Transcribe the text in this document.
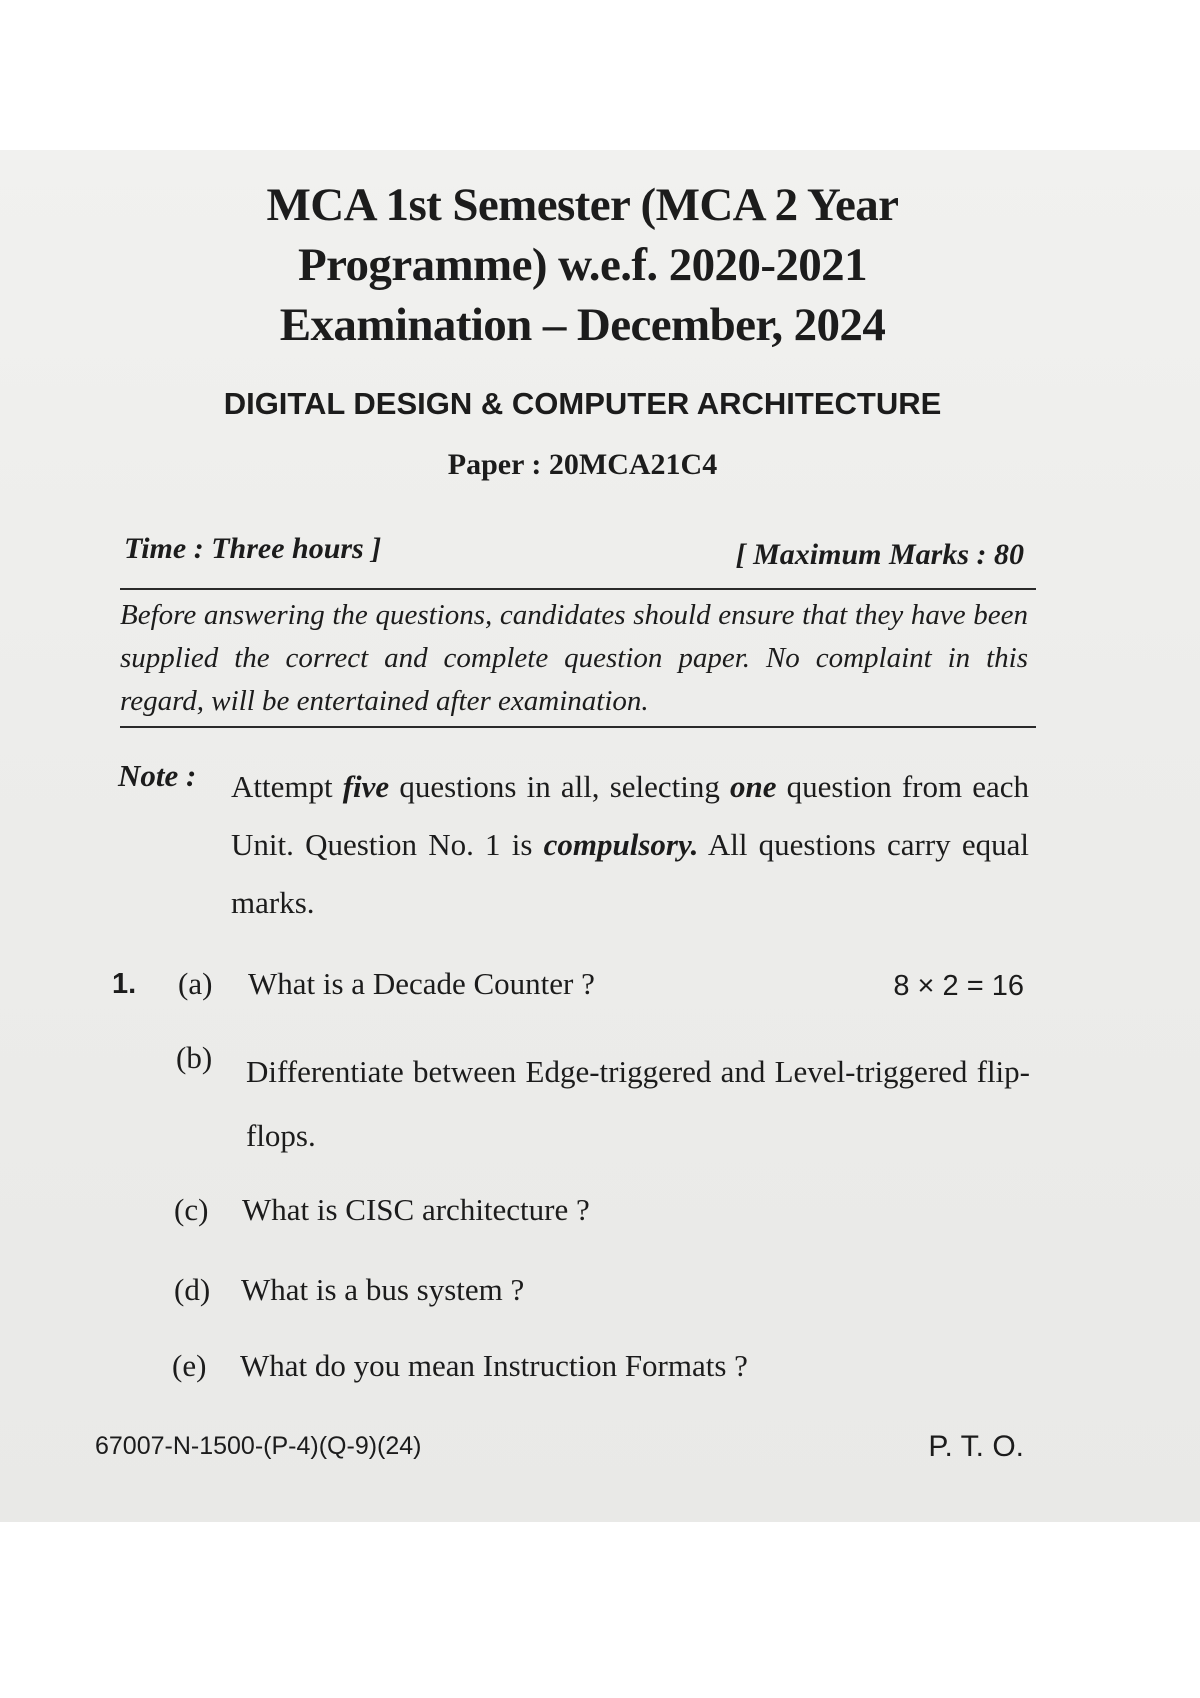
MCA 1st Semester (MCA 2 Year
Programme) w.e.f. 2020-2021
Examination – December, 2024
DIGITAL DESIGN & COMPUTER ARCHITECTURE
Paper : 20MCA21C4
Time : Three hours ]	[ Maximum Marks : 80

Before answering the questions, candidates should ensure that they have been supplied the correct and complete question paper. No complaint in this regard, will be entertained after examination.

Note : Attempt five questions in all, selecting one question from each Unit. Question No. 1 is compulsory. All questions carry equal marks.

1.	8 × 2 = 16
(a) What is a Decade Counter ?
(b) Differentiate between Edge-triggered and Level-triggered flip-flops.

(c) What is CISC architecture ?
(d) What is a bus system ?
(e) What do you mean Instruction Formats ?
67007-N-1500-(P-4)(Q-9)(24)	P. T. O.
